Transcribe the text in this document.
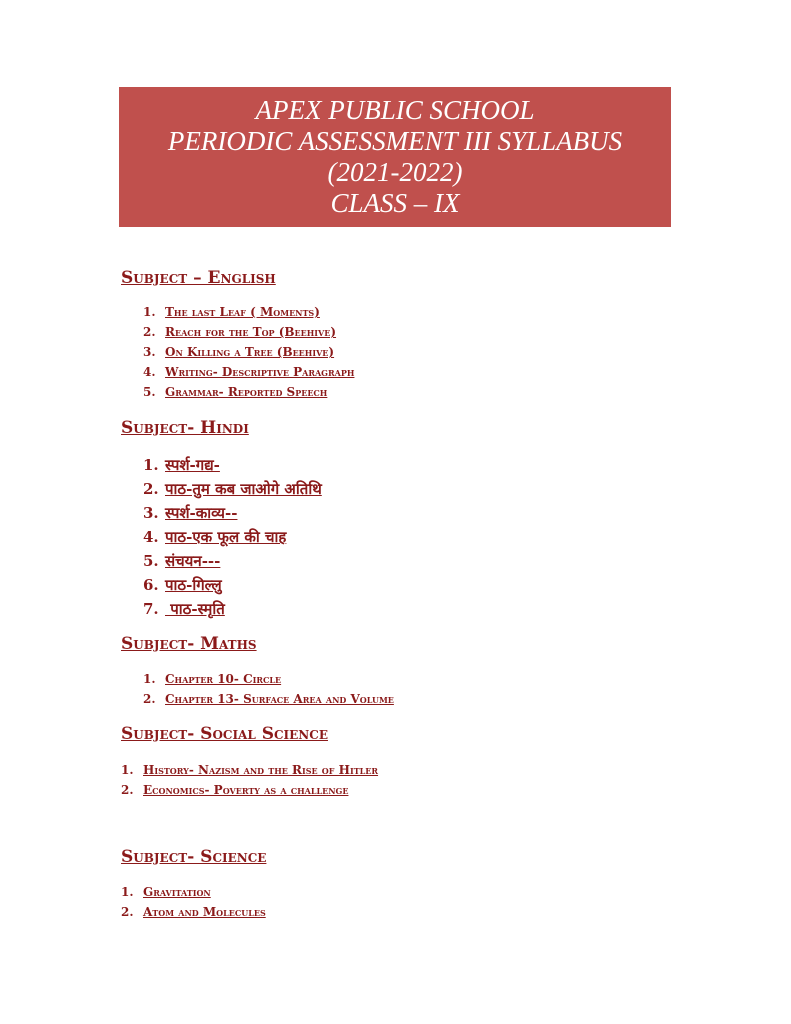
APEX PUBLIC SCHOOL
PERIODIC ASSESSMENT III SYLLABUS
(2021-2022)
CLASS – IX
Subject – English
1. The last Leaf ( Moments)
2. Reach for the Top (Beehive)
3. On Killing a Tree (Beehive)
4. Writing- Descriptive Paragraph
5. Grammar- Reported Speech
Subject- Hindi
1. स्पर्श-गद्य-
2. पाठ-तुम कब जाओगे अतिथि
3. स्पर्श-काव्य--
4. पाठ-एक फूल की चाह
5. संचयन---
6. पाठ-गिल्लु
7. पाठ-स्मृति
Subject- Maths
1. Chapter 10- Circle
2. Chapter 13- Surface Area and Volume
Subject- Social Science
1. History- Nazism and the Rise of Hitler
2. Economics- Poverty as a challenge
Subject- Science
1. Gravitation
2. Atom and Molecules
